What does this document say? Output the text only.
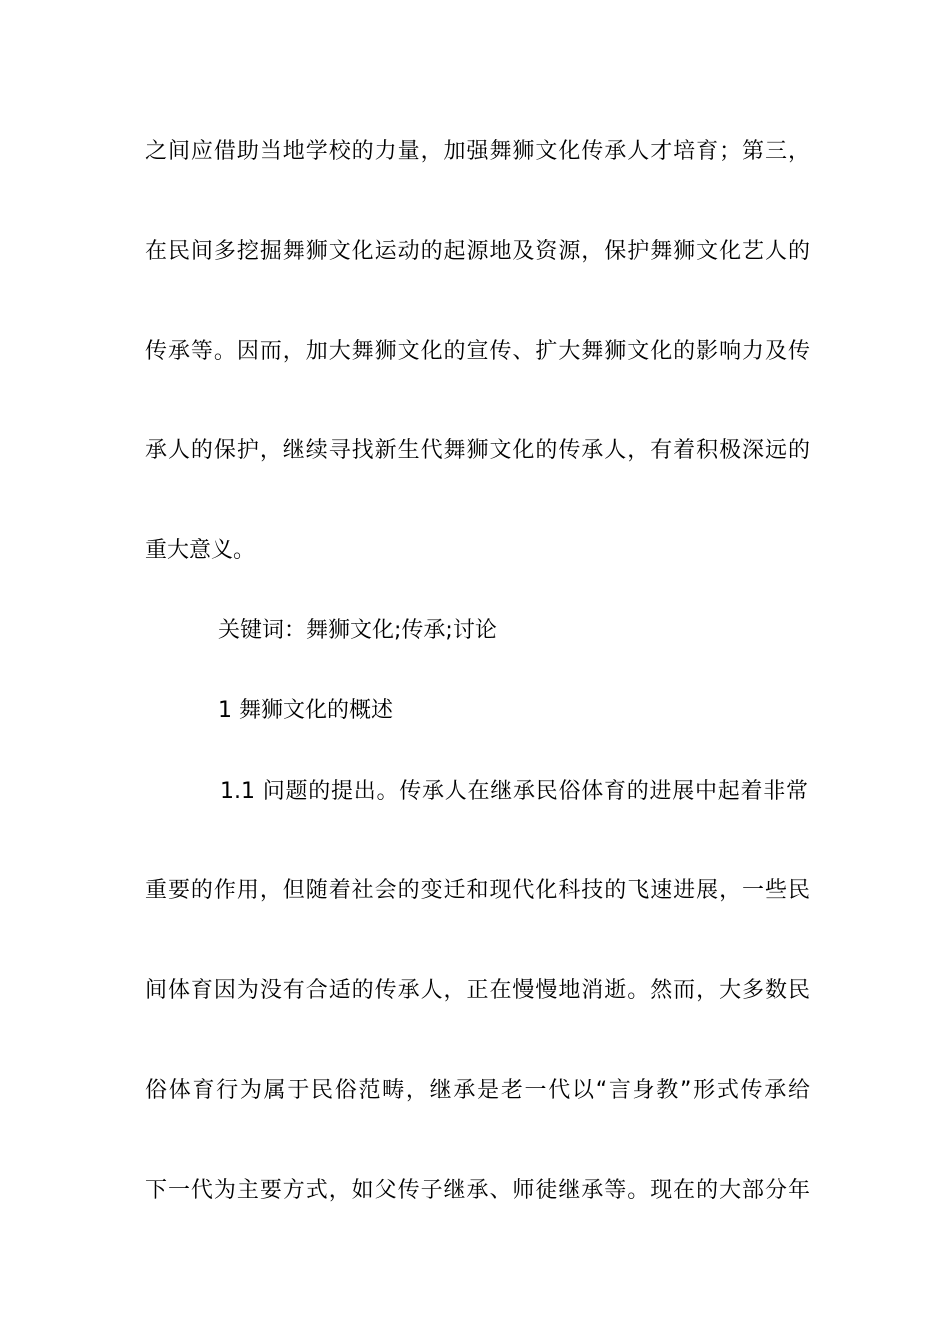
之间应借助当地学校的力量，加强舞狮文化传承人才培育；第三，
在民间多挖掘舞狮文化运动的起源地及资源，保护舞狮文化艺人的
传承等。因而，加大舞狮文化的宣传、扩大舞狮文化的影响力及传
承人的保护，继续寻找新生代舞狮文化的传承人，有着积极深远的
重大意义。
关键词：舞狮文化;传承;讨论
1 舞狮文化的概述
1.1 问题的提出。传承人在继承民俗体育的进展中起着非常
重要的作用，但随着社会的变迁和现代化科技的飞速进展，一些民
间体育因为没有合适的传承人，正在慢慢地消逝。然而，大多数民
俗体育行为属于民俗范畴，继承是老一代以“言身教”形式传承给
下一代为主要方式，如父传子继承、师徒继承等。现在的大部分年
